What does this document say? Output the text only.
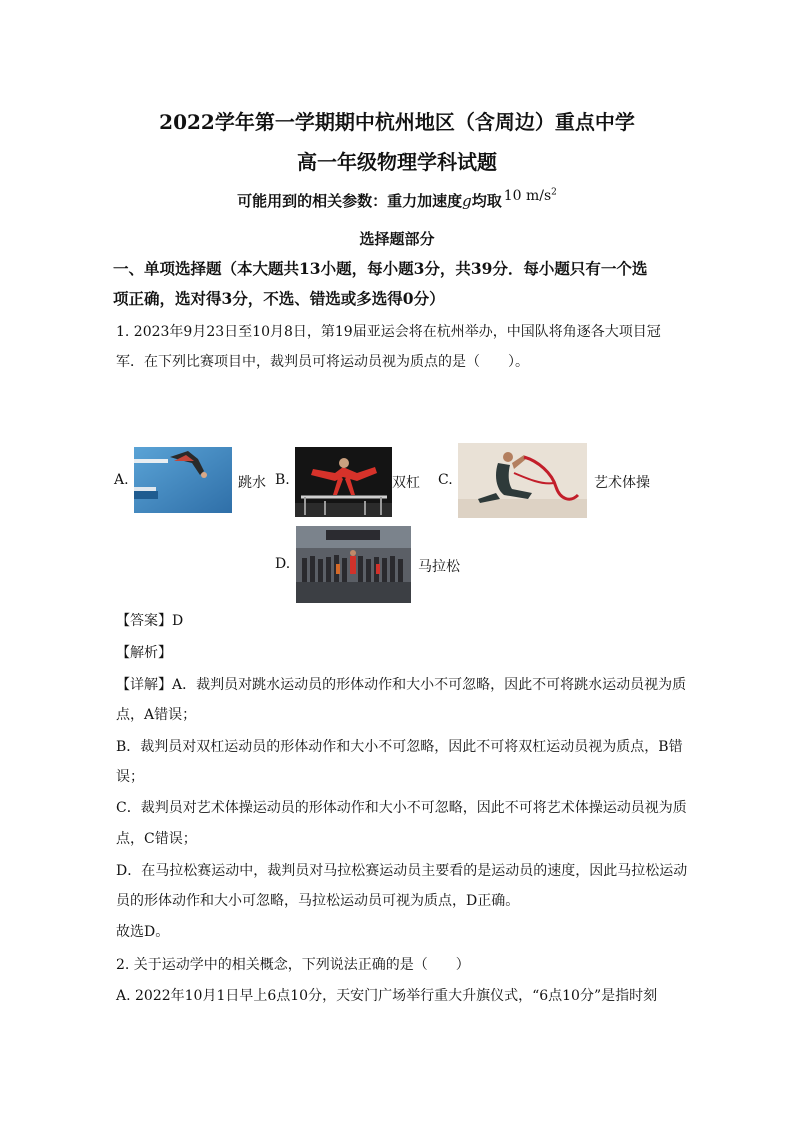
2022学年第一学期期中杭州地区（含周边）重点中学
高一年级物理学科试题
可能用到的相关参数：重力加速度g均取 10 $m/s^2$
选择题部分
一、单项选择题（本大题共13小题，每小题3分，共39分．每小题只有一个选
项正确，选对得3分，不选、错选或多选得0分）
1. 2023年9月23日至10月8日，第19届亚运会将在杭州举办，中国队将角逐各大项目冠
军．在下列比赛项目中，裁判员可将运动员视为质点的是（　　）。
A.	跳水 B.	双杠 C.	艺术体操
D.	马拉松
【答案】D
【解析】
【详解】A．裁判员对跳水运动员的形体动作和大小不可忽略，因此不可将跳水运动员视为质
点，A错误；
B．裁判员对双杠运动员的形体动作和大小不可忽略，因此不可将双杠运动员视为质点，B错
误；
C．裁判员对艺术体操运动员的形体动作和大小不可忽略，因此不可将艺术体操运动员视为质
点，C错误；
D．在马拉松赛运动中，裁判员对马拉松赛运动员主要看的是运动员的速度，因此马拉松运动
员的形体动作和大小可忽略，马拉松运动员可视为质点，D正确。
故选D。
2. 关于运动学中的相关概念，下列说法正确的是（　　）
A. 2022年10月1日早上6点10分，天安门广场举行重大升旗仪式，“6点10分”是指时刻
